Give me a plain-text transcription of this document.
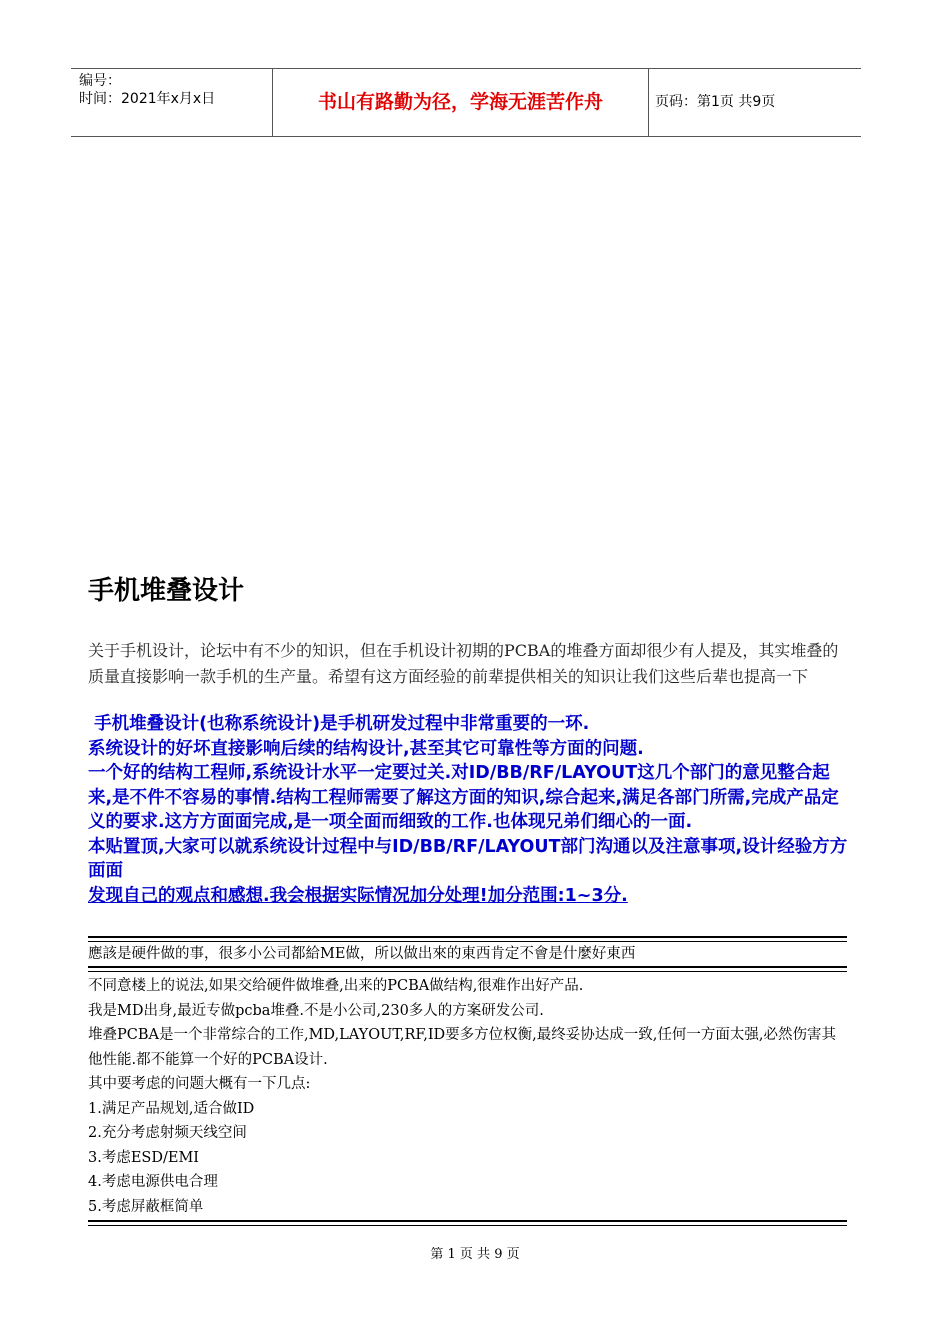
编号：
时间：2021年x月x日	书山有路勤为径，学海无涯苦作舟	页码：第1页 共9页
手机堆叠设计
关于手机设计，论坛中有不少的知识，但在手机设计初期的PCBA的堆叠方面却很少有人提及，其实堆叠的质量直接影响一款手机的生产量。希望有这方面经验的前辈提供相关的知识让我们这些后辈也提高一下

手机堆叠设计(也称系统设计)是手机研发过程中非常重要的一环.

系统设计的好坏直接影响后续的结构设计,甚至其它可靠性等方面的问题.

一个好的结构工程师,系统设计水平一定要过关.对ID/BB/RF/LAYOUT这几个部门的意见整合起来,是不件不容易的事情.结构工程师需要了解这方面的知识,综合起来,满足各部门所需,完成产品定义的要求.这方方面面完成,是一项全面而细致的工作.也体现兄弟们细心的一面.

本贴置顶,大家可以就系统设计过程中与ID/BB/RF/LAYOUT部门沟通以及注意事项,设计经验方方面面

发现自己的观点和感想.我会根据实际情况加分处理!加分范围:1~3分.

應該是硬件做的事，很多小公司都給ME做，所以做出來的東西肯定不會是什麼好東西

不同意楼上的说法,如果交给硬件做堆叠,出来的PCBA做结构,很难作出好产品.

我是MD出身,最近专做pcba堆叠.不是小公司,230多人的方案研发公司.

堆叠PCBA是一个非常综合的工作,MD,LAYOUT,RF,ID要多方位权衡,最终妥协达成一致,任何一方面太强,必然伤害其他性能.都不能算一个好的PCBA设计.

其中要考虑的问题大概有一下几点:

1.满足产品规划,适合做ID

2.充分考虑射频天线空间

3.考虑ESD/EMI

4.考虑电源供电合理

5.考虑屏蔽框简单

第 1 页 共 9 页
